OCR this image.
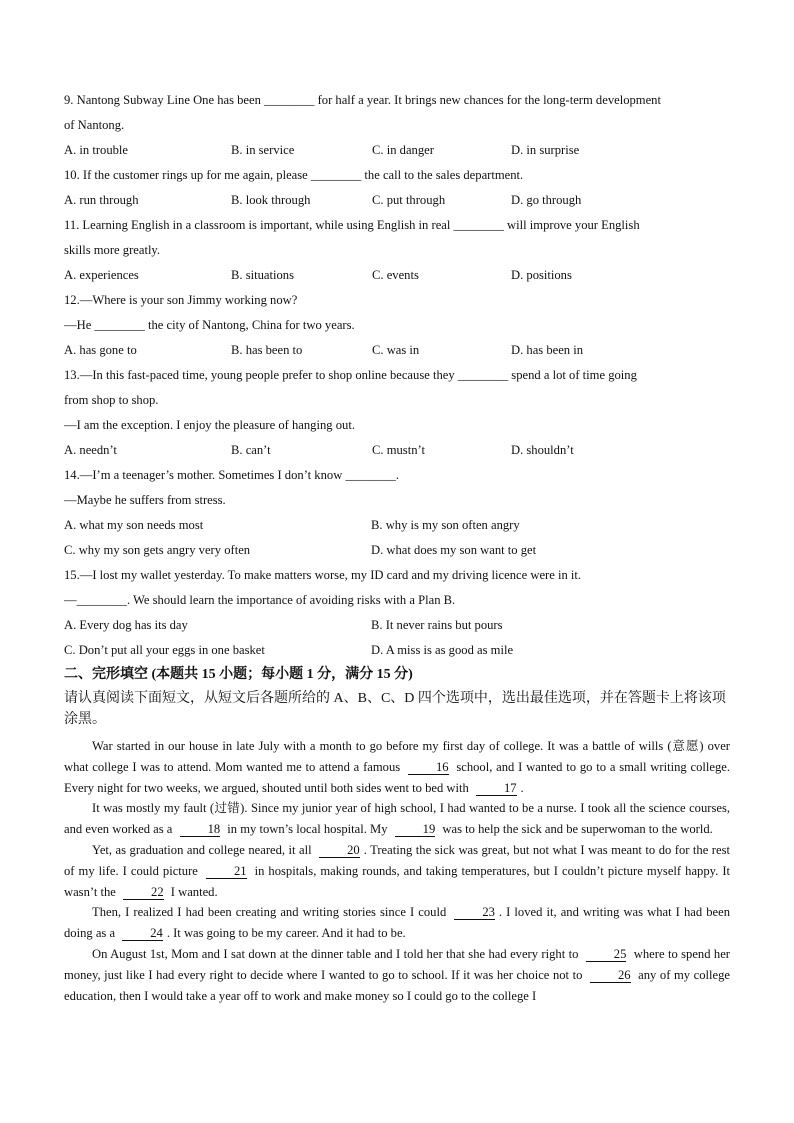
9. Nantong Subway Line One has been ________ for half a year. It brings new chances for the long-term development
of Nantong.
A. in trouble	B. in service	C. in danger	D. in surprise
10. If the customer rings up for me again, please ________ the call to the sales department.
A. run through	B. look through	C. put through	D. go through
11. Learning English in a classroom is important, while using English in real ________ will improve your English
skills more greatly.
A. experiences	B. situations	C. events	D. positions
12.—Where is your son Jimmy working now?
—He ________ the city of Nantong, China for two years.
A. has gone to	B. has been to	C. was in	D. has been in
13.—In this fast-paced time, young people prefer to shop online because they ________ spend a lot of time going
from shop to shop.
—I am the exception. I enjoy the pleasure of hanging out.
A. needn’t	B. can’t	C. mustn’t	D. shouldn’t
14.—I’m a teenager’s mother. Sometimes I don’t know ________.
—Maybe he suffers from stress.
A. what my son needs most	B. why is my son often angry
C. why my son gets angry very often	D. what does my son want to get
15.—I lost my wallet yesterday. To make matters worse, my ID card and my driving licence were in it.
—________. We should learn the importance of avoiding risks with a Plan B.
A. Every dog has its day	B. It never rains but pours
C. Don’t put all your eggs in one basket	D. A miss is as good as mile
二、完形填空 (本题共 15 小题；每小题 1 分，满分 15 分)
请认真阅读下面短文，从短文后各题所给的 A、B、C、D 四个选项中，选出最佳选项，并在答题卡上将该项涂黑。

War started in our house in late July with a month to go before my first day of college. It was a battle of wills (意愿) over what college I was to attend. Mom wanted me to attend a famous	16 school, and I wanted to go to a small writing college. Every night for two weeks, we argued, shouted until both sides went to bed with	17 .

It was mostly my fault (过错). Since my junior year of high school, I had wanted to be a nurse. I took all the science courses, and even worked as a	18 in my town’s local hospital. My	19 was to help the sick and be superwoman to the world.

Yet, as graduation and college neared, it all	20 . Treating the sick was great, but not what I was meant to do for the rest of my life. I could picture	21 in hospitals, making rounds, and taking temperatures, but I couldn’t picture myself happy. It wasn’t the	22 I wanted.

Then, I realized I had been creating and writing stories since I could	23 . I loved it, and writing was what I had been doing as a	24 . It was going to be my career. And it had to be.

On August 1st, Mom and I sat down at the dinner table and I told her that she had every right to	25 where to spend her money, just like I had every right to decide where I wanted to go to school. If it was her choice not to	26 any of my college education, then I would take a year off to work and make money so I could go to the college I
